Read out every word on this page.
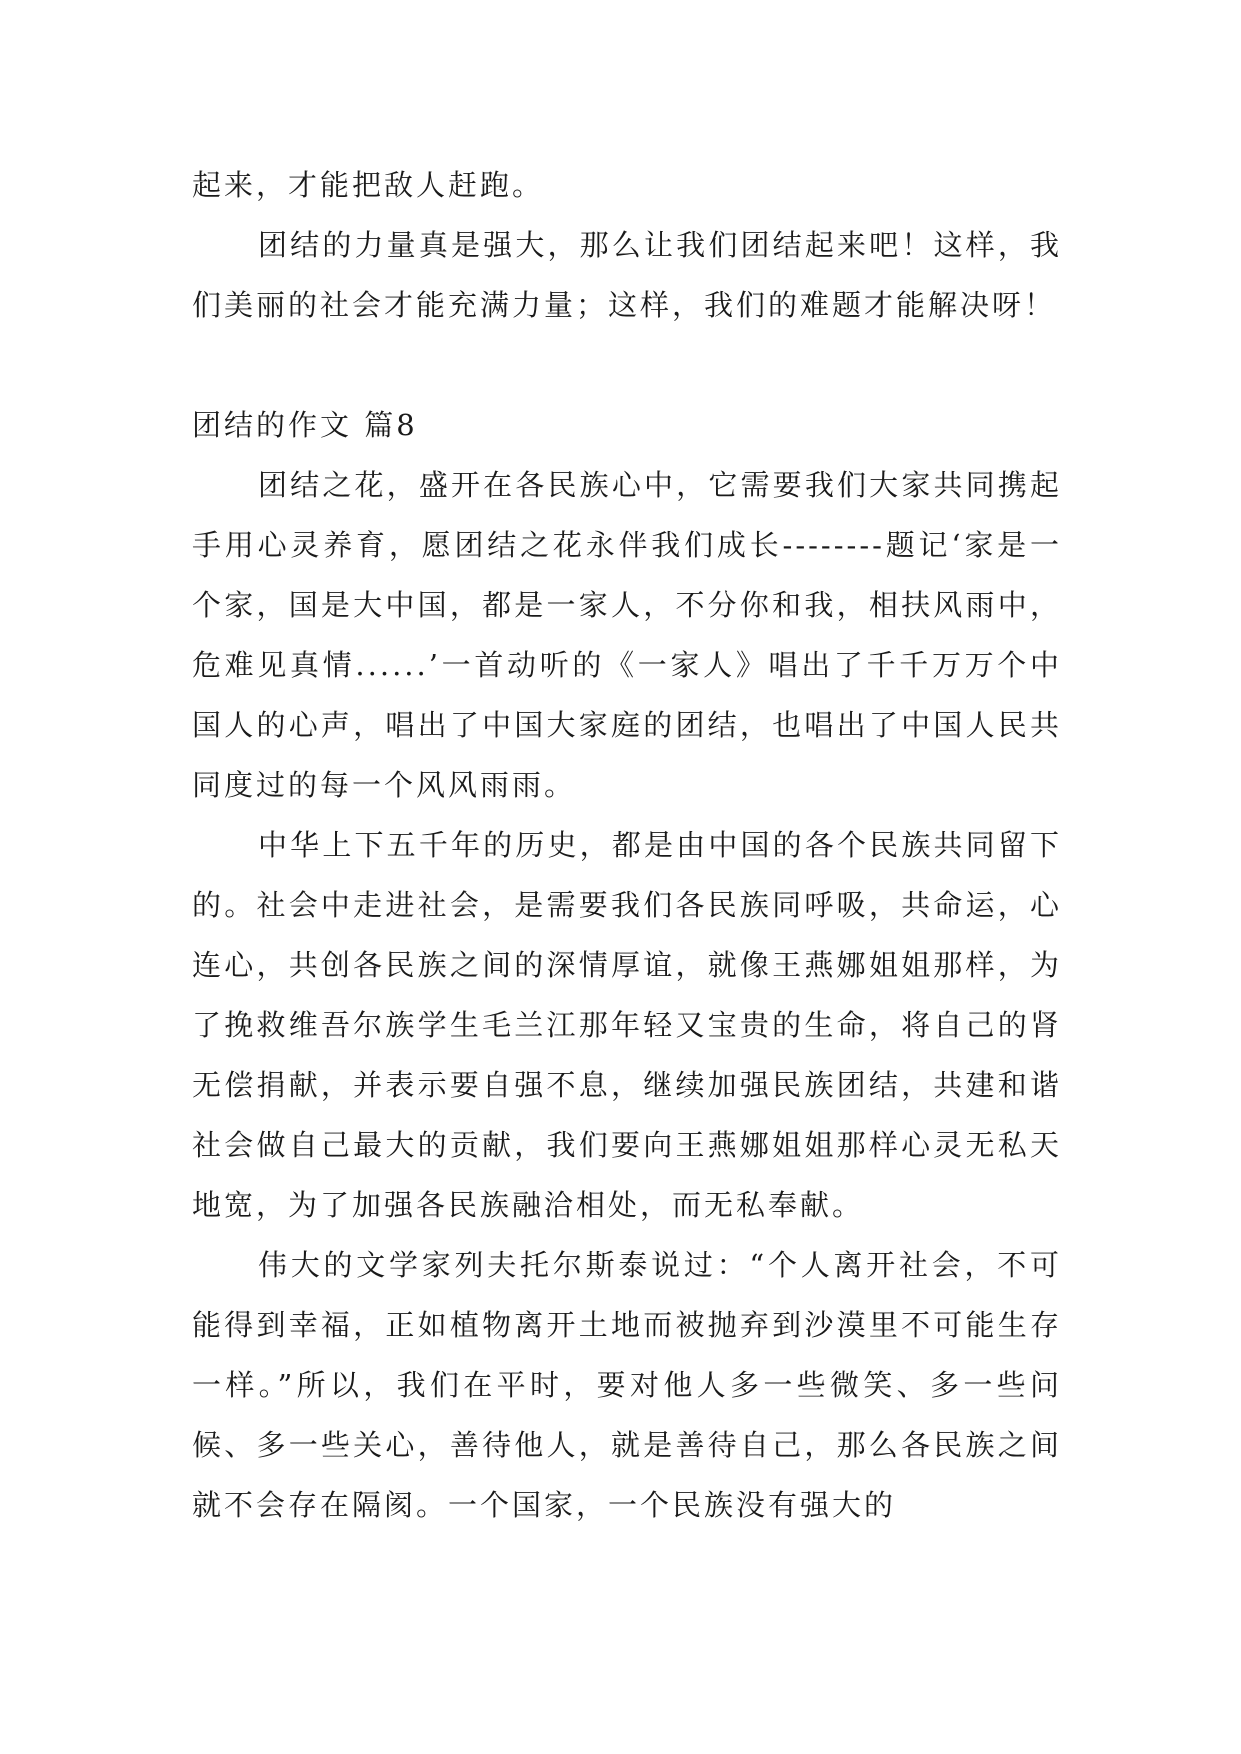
起来，才能把敌人赶跑。

团结的力量真是强大，那么让我们团结起来吧！这样，我们美丽的社会才能充满力量；这样，我们的难题才能解决呀！

团结的作文 篇8

团结之花，盛开在各民族心中，它需要我们大家共同携起手用心灵养育，愿团结之花永伴我们成长--------题记‘家是一个家，国是大中国，都是一家人，不分你和我，相扶风雨中，危难见真情......’一首动听的《一家人》唱出了千千万万个中国人的心声，唱出了中国大家庭的团结，也唱出了中国人民共同度过的每一个风风雨雨。

中华上下五千年的历史，都是由中国的各个民族共同留下的。社会中走进社会，是需要我们各民族同呼吸，共命运，心连心，共创各民族之间的深情厚谊，就像王燕娜姐姐那样，为了挽救维吾尔族学生毛兰江那年轻又宝贵的生命，将自己的肾无偿捐献，并表示要自强不息，继续加强民族团结，共建和谐社会做自己最大的贡献，我们要向王燕娜姐姐那样心灵无私天地宽，为了加强各民族融洽相处，而无私奉献。

伟大的文学家列夫托尔斯泰说过：“个人离开社会，不可能得到幸福，正如植物离开土地而被抛弃到沙漠里不可能生存一样。”所以，我们在平时，要对他人多一些微笑、多一些问候、多一些关心，善待他人，就是善待自己，那么各民族之间就不会存在隔阂。一个国家，一个民族没有强大的
